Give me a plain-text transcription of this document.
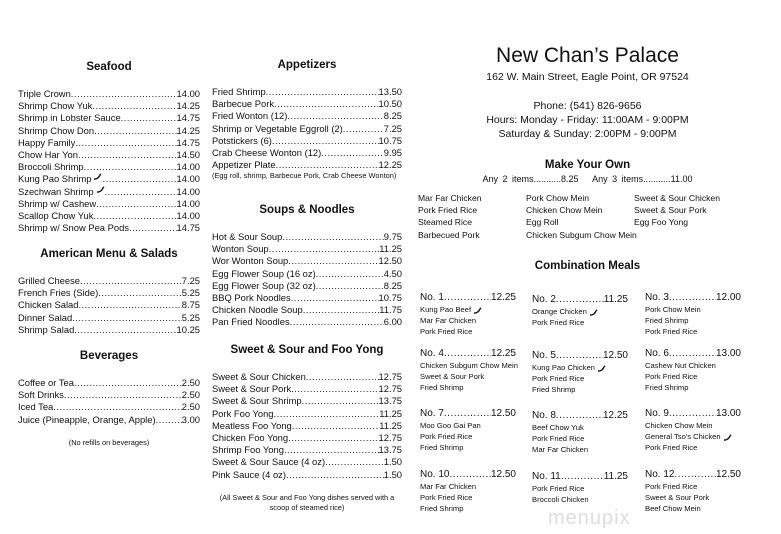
Seafood
Triple Crown .....	14.00
Shrimp Chow Yuk .....	14.25
Shrimp in Lobster Sauce .....	14.75
Shrimp Chow Don .....	14.25
Happy Family .....	14.75
Chow Har Yon .....	14.50
Broccoli Shrimp .....	14.00
Kung Pao Shrimp .....	14.00
Szechwan Shrimp .....	14.00
Shrimp w/ Cashew .....	14.00
Scallop Chow Yuk .....	14.00
Shrimp w/ Snow Pea Pods .....	14.75
American Menu & Salads
Grilled Cheese .....	7.25
French Fries (Side) .....	5.25
Chicken Salad .....	8.75
Dinner Salad .....	5.25
Shrimp Salad .....	10.25
Beverages
Coffee or Tea .....	2.50
Soft Drinks .....	2.50
Iced Tea .....	2.50
Juice (Pineapple, Orange, Apple) .....	3.00
(No refills on beverages)
Appetizers
Fried Shrimp .....	13.50
Barbecue Pork .....	10.50
Fried Wonton (12) .....	8.25
Shrimp or Vegetable Eggroll (2) .....	7.25
Potstickers (6) .....	10.75
Crab Cheese Wonton (12) .....	9.95
Appetizer Plate .....	12.25
(Egg roll, shrimp, Barbecue Pork, Crab Cheese Wonton)
Soups & Noodles
Hot & Sour Soup .....	9.75
Wonton Soup .....	11.25
Wor Wonton Soup .....	12.50
Egg Flower Soup (16 oz) .....	4.50
Egg Flower Soup (32 oz) .....	8.25
BBQ Pork Noodles .....	10.75
Chicken Noodle Soup .....	11.75
Pan Fried Noodles .....	6.00
Sweet & Sour and Foo Yong
Sweet & Sour Chicken .....	12.75
Sweet & Sour Pork .....	12.75
Sweet & Sour Shrimp .....	13.75
Pork Foo Yong .....	11.25
Meatless Foo Yong .....	11.25
Chicken Foo Yong .....	12.75
Shrimp Foo Yong .....	13.75
Sweet & Sour Sauce (4 oz) .....	1.50
Pink Sauce (4 oz) .....	1.50
(All Sweet & Sour and Foo Yong dishes served with a scoop of steamed rice)
New Chan’s Palace
162 W. Main Street, Eagle Point, OR 97524
Phone: (541) 826-9656
Hours: Monday - Friday: 11:00AM - 9:00PM
Saturday & Sunday: 2:00PM - 9:00PM
Make Your Own
Any 2 items...........8.25 Any 3 items...........11.00
Mar Far Chicken	Pork Chow Mein	Sweet & Sour Chicken
Pork Fried Rice	Chicken Chow Mein	Sweet & Sour Pork
Steamed Rice	Egg Roll	Egg Foo Yong
Barbecued Pork	Chicken Subgum Chow Mein
Combination Meals
No. 1 .....	12.25
Kung Pao Beef
Mar Far Chicken
Pork Fried Rice
No. 2 .....	11.25
Orange Chicken
Pork Fried Rice
No. 3 .....	12.00
Pork Chow Mein
Fried Shrimp
Pork Fried Rice
No. 4 .....	12.25
Chicken Subgum Chow Mein
Sweet & Sour Pork
Fried Shrimp
No. 5 .....	12.50
Kung Pao Chicken
Pork Fried Rice
Fried Shrimp
No. 6 .....	13.00
Cashew Nut Chicken
Pork Fried Rice
Fried Shrimp
No. 7 .....	12.50
Moo Goo Gai Pan
Pork Fried Rice
Fried Shrimp
No. 8 .....	12.25
Beef Chow Yuk
Pork Fried Rice
Mar Far Chicken
No. 9 .....	13.00
Chicken Chow Mein
General Tso's Chicken
Pork Fried Rice
No. 10 .....	12.50
Mar Far Chicken
Pork Fried Rice
Fried Shrimp
No. 11 .....	11.25
Pork Fried Rice
Broccoli Chicken
No. 12 .....	12.50
Pork Fried Rice
Sweet & Sour Pork
Beef Chow Mein
menupix
